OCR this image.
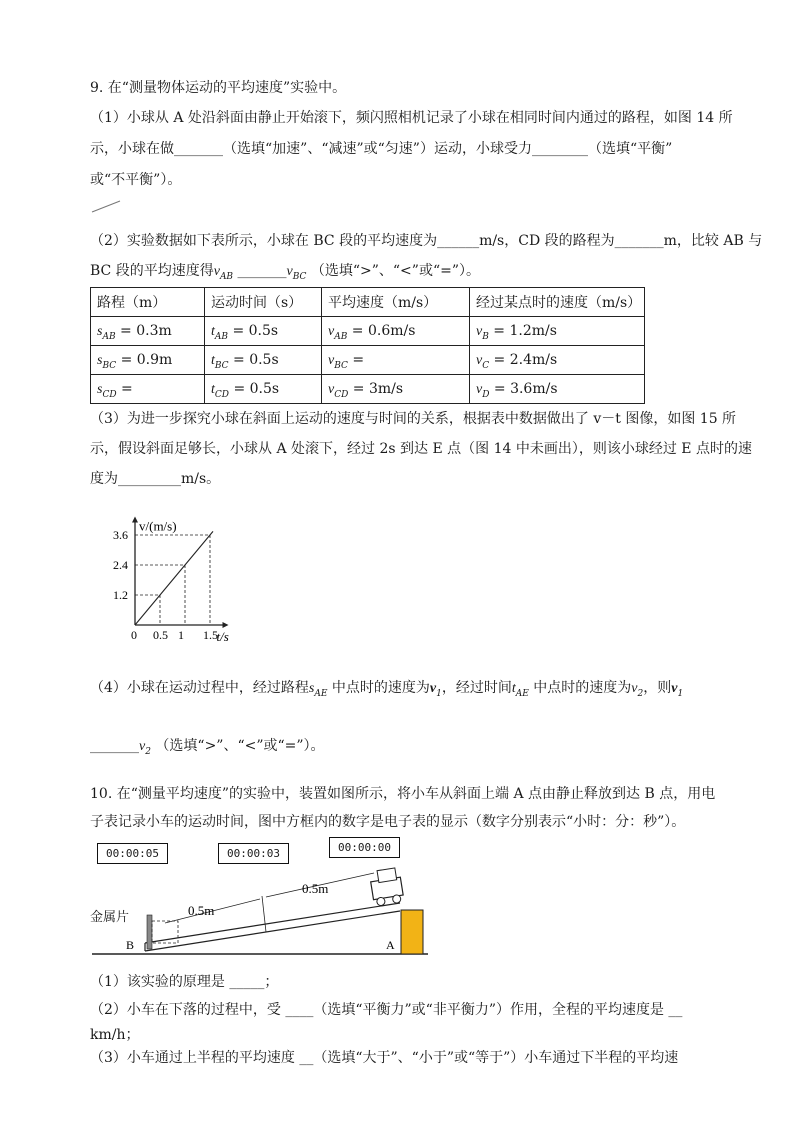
9. 在“测量物体运动的平均速度”实验中。
（1）小球从 A 处沿斜面由静止开始滚下，频闪照相机记录了小球在相同时间内通过的路程，如图 14 所
示，小球在做_______（选填“加速”、“减速”或“匀速”）运动，小球受力________（选填“平衡”
或“不平衡”）。
（2）实验数据如下表所示，小球在 BC 段的平均速度为______m/s，CD 段的路程为_______m，比较 AB 与
BC 段的平均速度得$v_{AB}$ $\_\_\_\_\_\_\_v_{BC}$ （选填“>”、“<”或“=”）。
路程（m）	运动时间（s）	平均速度（m/s）	经过某点时的速度（m/s）
$s_{AB} = 0.3m$	$t_{AB} = 0.5s$	$v_{AB} = 0.6m/s$	$v_B = 1.2m/s$
$s_{BC} = 0.9m$	$t_{BC} = 0.5s$	$v_{BC}$ =	$v_C = 2.4m/s$
$s_{CD}$ =	$t_{CD} = 0.5s$	$v_{CD} = 3m/s$	$v_D = 3.6m/s$
（3）为进一步探究小球在斜面上运动的速度与时间的关系，根据表中数据做出了 v－t 图像，如图 15 所
示，假设斜面足够长，小球从 A 处滚下，经过 2s 到达 E 点（图 14 中未画出），则该小球经过 E 点时的速
度为_________m/s。
0 0.5 1 1.5
1.2
2.4
3.6
v/(m/s)
t/s
（4）小球在运动过程中，经过路程$s_{AE}$ 中点时的速度为$v_1$，经过时间$t_{AE}$ 中点时的速度为$v_2$，则$v_1$
$\_\_\_\_\_\_\_v_2$ （选填“>”、“<”或“=”）。
10. 在“测量平均速度”的实验中，装置如图所示，将小车从斜面上端 A 点由静止释放到达 B 点，用电
子表记录小车的运动时间，图中方框内的数字是电子表的显示（数字分别表示“小时：分：秒”）。
00:00:05	00:00:03	00:00:00
0.5m
0.5m
B	A
金属片
（1）该实验的原理是 _____；
（2）小车在下落的过程中，受 ____（选填“平衡力”或“非平衡力”）作用，全程的平均速度是 __
km/h；
（3）小车通过上半程的平均速度 __（选填“大于”、“小于”或“等于”）小车通过下半程的平均速
